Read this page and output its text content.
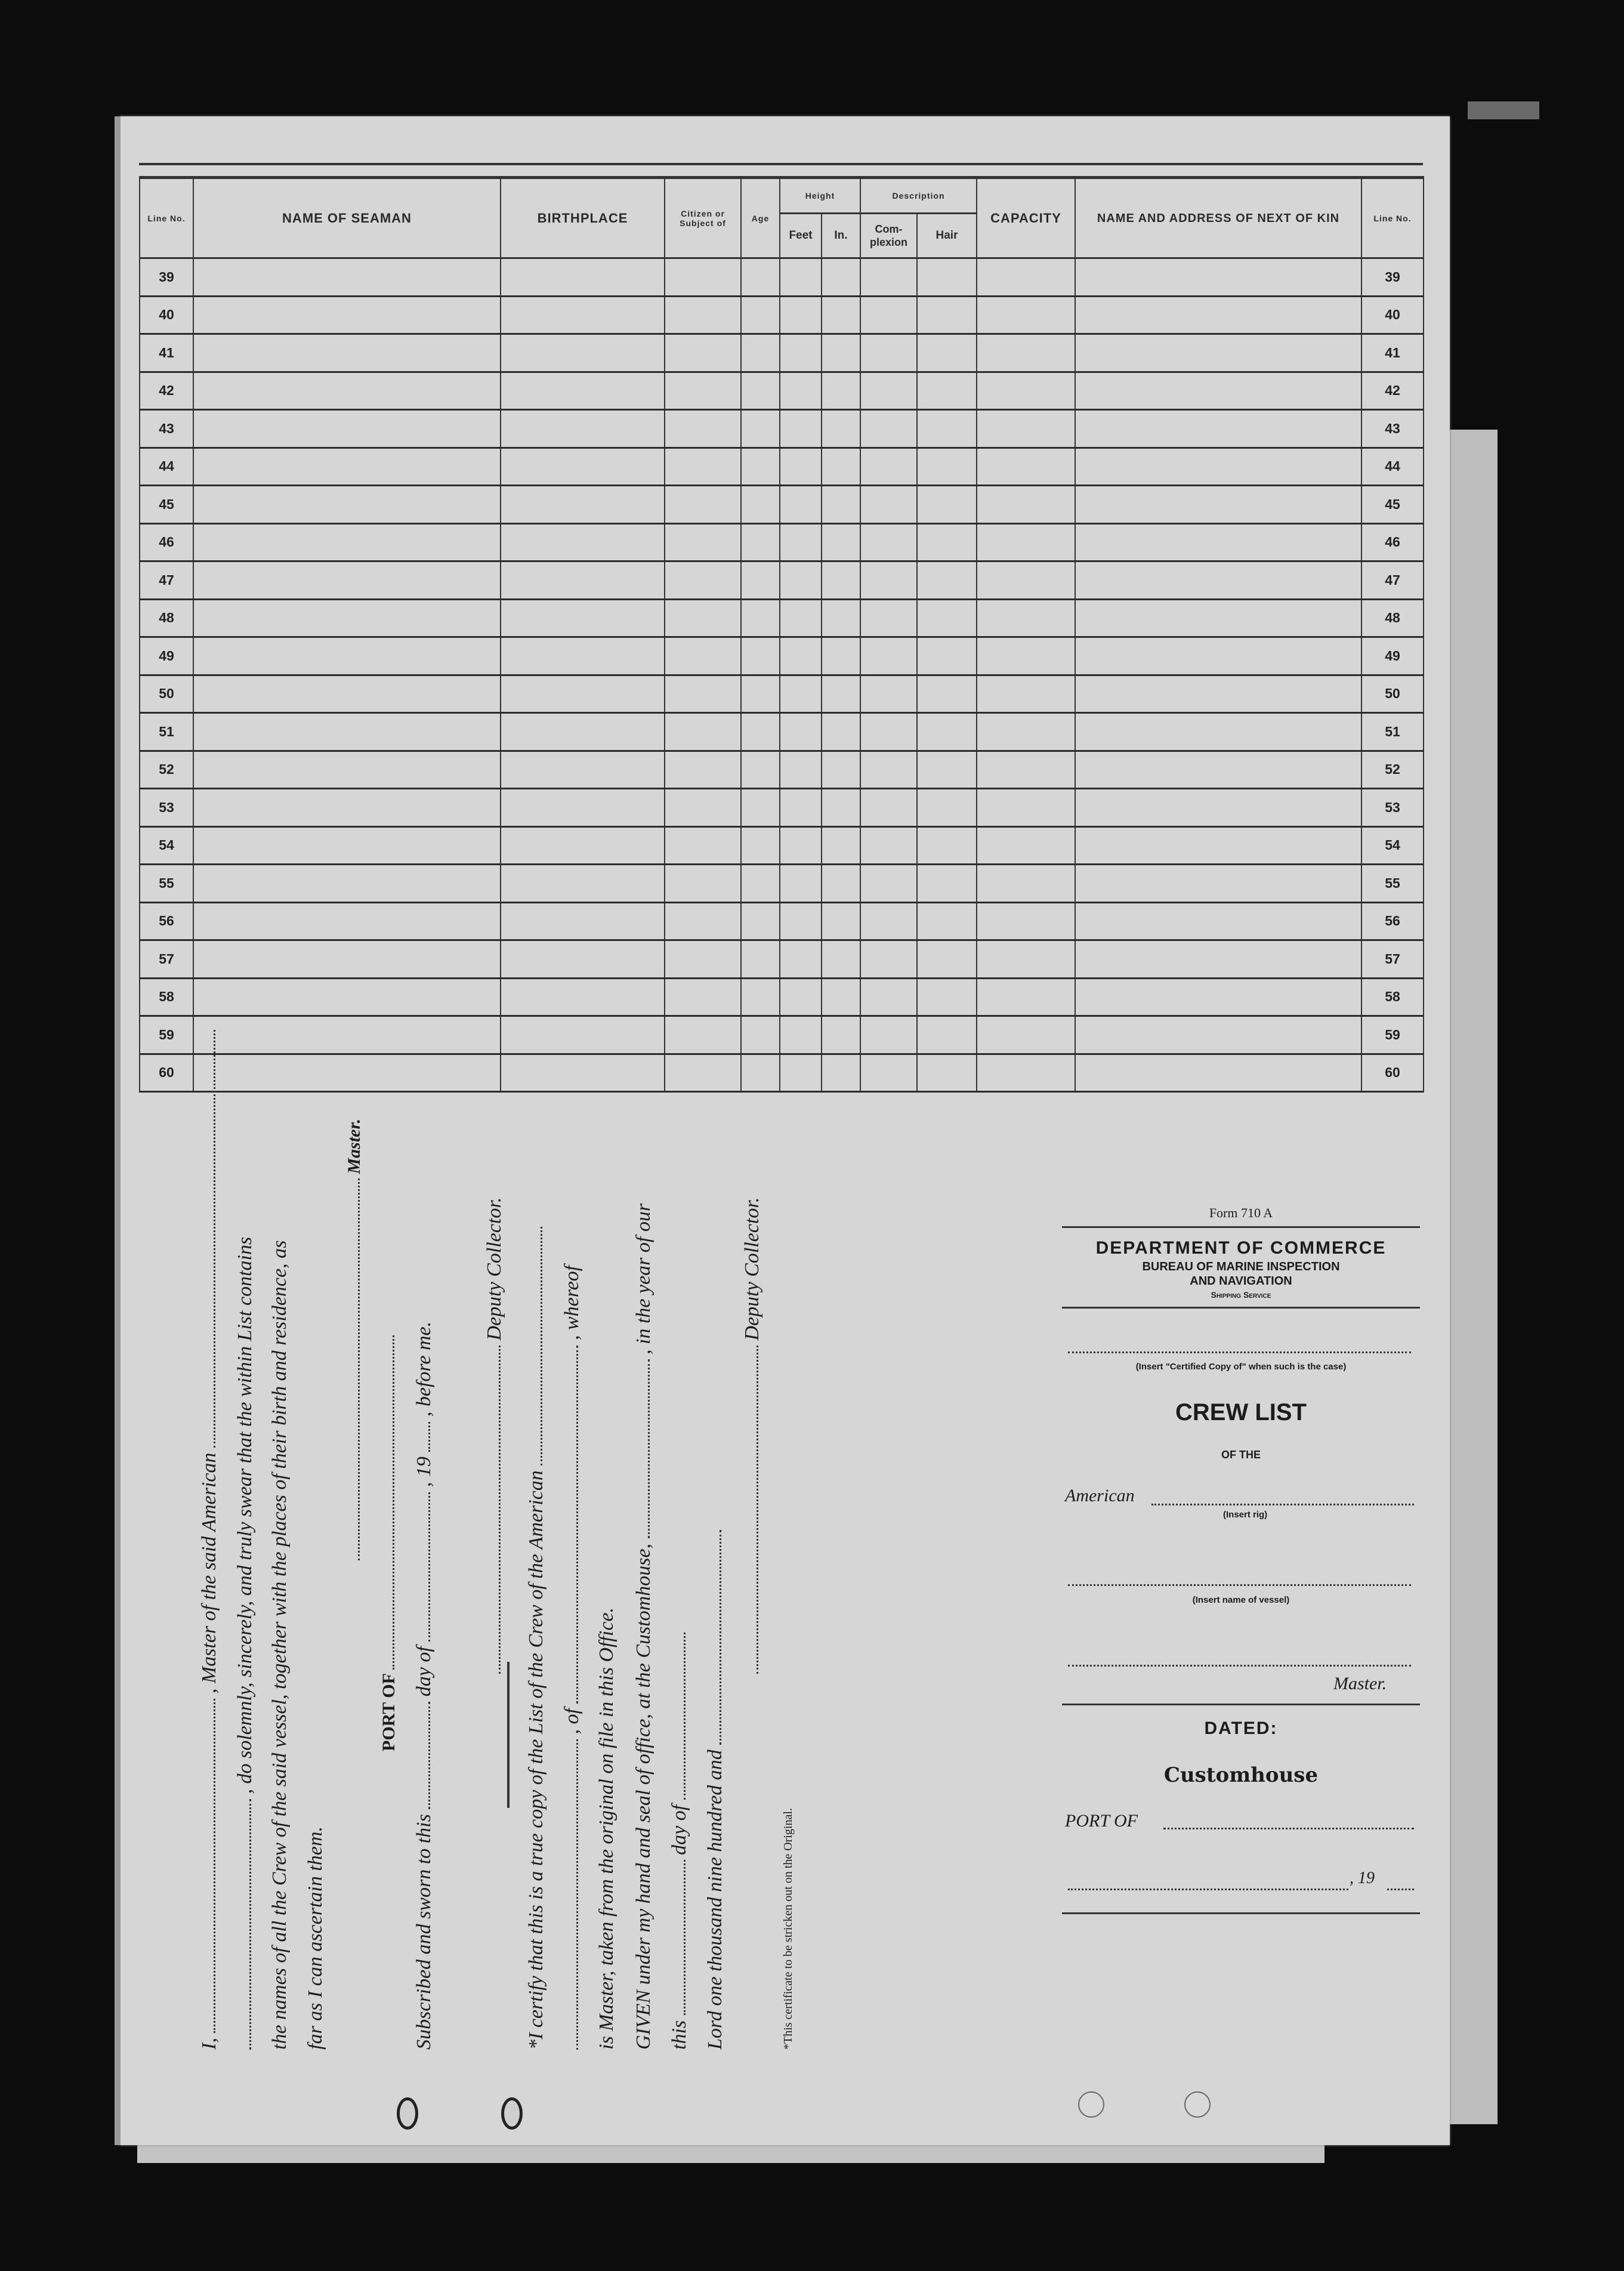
Line No.	NAME OF SEAMAN	BIRTHPLACE	Citizen or Subject of	Age	Height		Description		CAPACITY	NAME AND ADDRESS OF NEXT OF KIN	Line No.
					Feet	In.	Com- plexion	Hair			
39											39
40											40
41											41
42											42
43											43
44											44
45											45
46											46
47											47
48											48
49											49
50											50
51											51
52											52
53											53
54											54
55											55
56											56
57											57
58											58
59											59
60											60
I,  , Master of the said American , do solemnly, sincerely, and truly swear that the within List contains the names of all the Crew of the said vessel, together with the places of their birth and residence, as far as I can ascertain them.
Master.
PORT OF
Subscribed and sworn to this  day of  , 19  , before me.
Deputy Collector.
*I certify that this is a true copy of the List of the Crew of the American , of  , whereof
is Master, taken from the original on file in this Office. GIVEN under my hand and seal of office, at the Customhouse,  , in the year of our
this  day of Lord one thousand nine hundred and
Deputy Collector.
*This certificate to be stricken out on the Original.
Form 710 A
DEPARTMENT OF COMMERCE
BUREAU OF MARINE INSPECTION
AND NAVIGATION
Shipping Service
(Insert "Certified Copy of" when such is the case)
CREW LIST
OF THE
American
(Insert rig)
(Insert name of vessel)
Master.
DATED:
Customhouse
PORT OF
, 19
